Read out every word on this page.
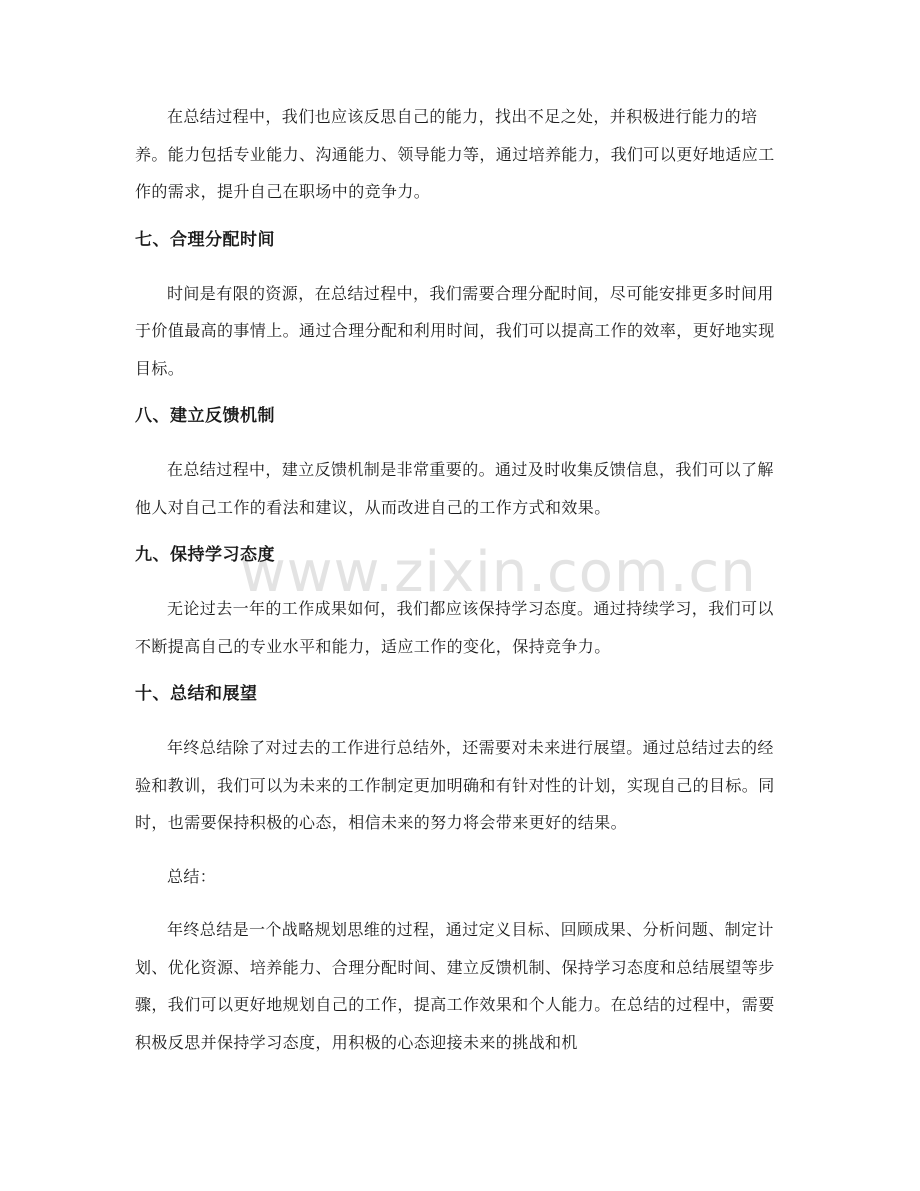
www.zixin.com.cn

在总结过程中，我们也应该反思自己的能力，找出不足之处，并积极进行能力的培养。能力包括专业能力、沟通能力、领导能力等，通过培养能力，我们可以更好地适应工作的需求，提升自己在职场中的竞争力。

七、合理分配时间

时间是有限的资源，在总结过程中，我们需要合理分配时间，尽可能安排更多时间用于价值最高的事情上。通过合理分配和利用时间，我们可以提高工作的效率，更好地实现目标。

八、建立反馈机制

在总结过程中，建立反馈机制是非常重要的。通过及时收集反馈信息，我们可以了解他人对自己工作的看法和建议，从而改进自己的工作方式和效果。

九、保持学习态度

无论过去一年的工作成果如何，我们都应该保持学习态度。通过持续学习，我们可以不断提高自己的专业水平和能力，适应工作的变化，保持竞争力。

十、总结和展望

年终总结除了对过去的工作进行总结外，还需要对未来进行展望。通过总结过去的经验和教训，我们可以为未来的工作制定更加明确和有针对性的计划，实现自己的目标。同时，也需要保持积极的心态，相信未来的努力将会带来更好的结果。

总结：

年终总结是一个战略规划思维的过程，通过定义目标、回顾成果、分析问题、制定计划、优化资源、培养能力、合理分配时间、建立反馈机制、保持学习态度和总结展望等步骤，我们可以更好地规划自己的工作，提高工作效果和个人能力。在总结的过程中，需要积极反思并保持学习态度，用积极的心态迎接未来的挑战和机
